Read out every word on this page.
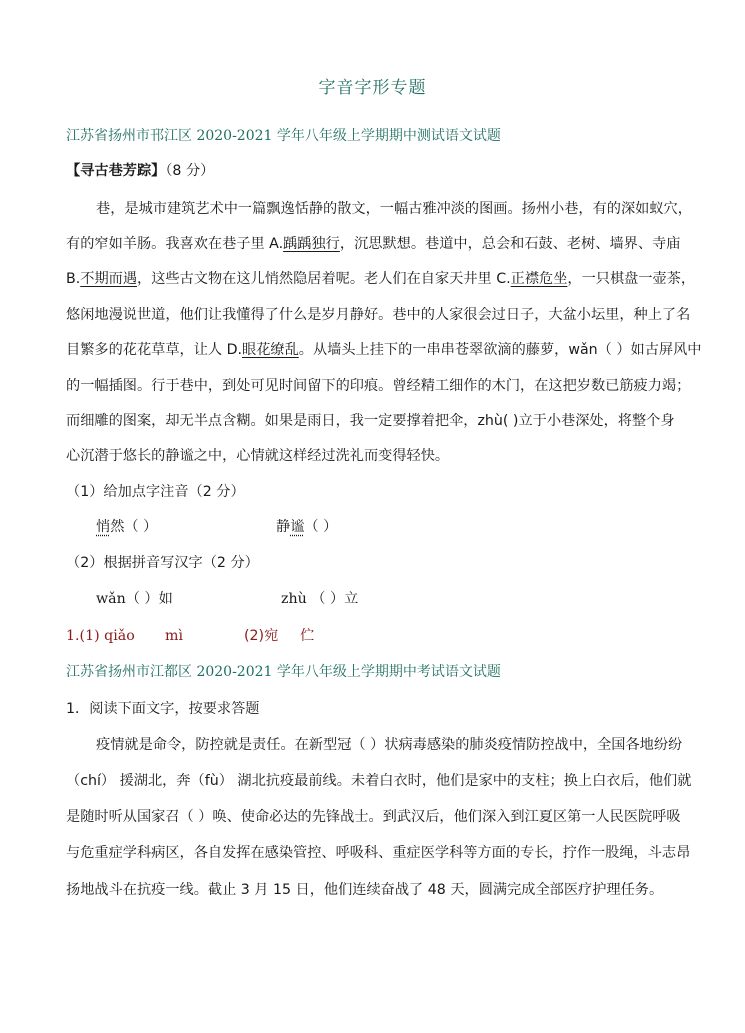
字音字形专题
江苏省扬州市邗江区 2020-2021 学年八年级上学期期中测试语文试题
【寻古巷芳踪】（8 分）
巷，是城市建筑艺术中一篇飘逸恬静的散文，一幅古雅冲淡的图画。扬州小巷，有的深如蚁穴，
有的窄如羊肠。我喜欢在巷子里 A.踽踽独行，沉思默想。巷道中，总会和石鼓、老树、墙界、寺庙
B.不期而遇，这些古文物在这儿悄然隐居着呢。老人们在自家天井里 C.正襟危坐，一只棋盘一壶茶，
悠闲地漫说世道，他们让我懂得了什么是岁月静好。巷中的人家很会过日子，大盆小坛里，种上了名
目繁多的花花草草，让人 D.眼花缭乱。从墙头上挂下的一串串苍翠欲滴的藤萝，wǎn（ ）如古屏风中
的一幅插图。行于巷中，到处可见时间留下的印痕。曾经精工细作的木门，在这把岁数已筋疲力竭；
而细雕的图案，却无半点含糊。如果是雨日，我一定要撑着把伞，zhù( )立于小巷深处，将整个身
心沉潜于悠长的静谧之中，心情就这样经过洗礼而变得轻快。
（1）给加点字注音（2 分）
悄然（ ）	静谧（ ）
（2）根据拼音写汉字（2 分）
wǎn（ ）如	zhù （ ）立
1.(1) qiǎo mì	(2)宛 伫
江苏省扬州市江都区 2020-2021 学年八年级上学期期中考试语文试题
1．阅读下面文字，按要求答题
疫情就是命令，防控就是责任。在新型冠（ ）状病毒感染的肺炎疫情防控战中，全国各地纷纷
（chí） 援湖北，奔（fù） 湖北抗疫最前线。未着白衣时，他们是家中的支柱；换上白衣后，他们就
是随时听从国家召（ ）唤、使命必达的先锋战士。到武汉后，他们深入到江夏区第一人民医院呼吸
与危重症学科病区，各自发挥在感染管控、呼吸科、重症医学科等方面的专长，拧作一股绳，斗志昂
扬地战斗在抗疫一线。截止 3 月 15 日，他们连续奋战了 48 天，圆满完成全部医疗护理任务。
